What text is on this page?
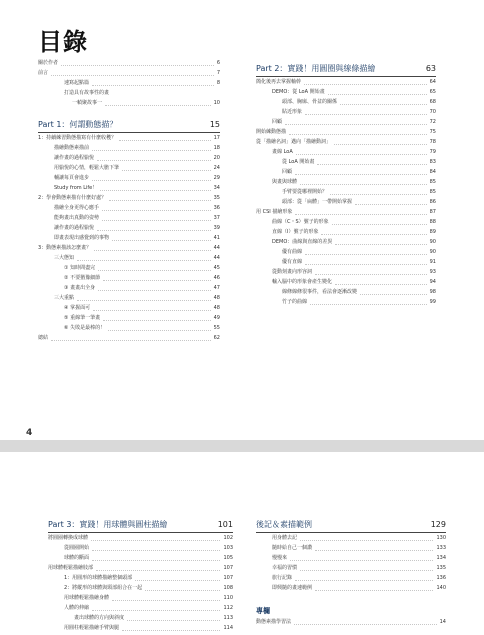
目錄
關於作者	6
前言	7
速寫起點篇	8
打造具有故事性的畫
一幀聚故事一	10
Part 1：何謂動態描？	15
1：持續練習動態描寫有什麼收穫？	17
描繪動態素描前	18
讓作畫的過程愉悅	20
用愉悅的心情，輕鬆大膽下筆	24
輔讓每頁會進步	29
Study from Life！	34
2：學會動態素描有什麼好處？	35
描繪全身更得心應手	36
能夠畫出真動的姿勢	37
讓作畫的過程愉悅	39
即畫表現出感覺到的事物	41
3：動態素描該怎麼畫？	44
三大態知	44
① 知時間盡完	45
② 不要猶豫細節	46
③ 畫畫出全身	47
三大重點	48
④ 掌握面可	48
⑤ 重線筆一筆畫	49
⑥ 失敗是最棒的！	55
總結	62
Part 2：實踐！用圓圈與線條描繪	63
簡化後再去掌握軸幹	64
DEMO：從 LoA 開始畫	65
頭部、胸廓、骨盆的關係	68
貼近形象	70
回顧	72
開始練動態描	75
從「描繪名詞」邁向「描繪動詞」	78
畫線 LoA	79
從 LoA 開始畫	83
回顧	84
與畫與球體	85
手臂要從哪裡開始？	85
頭部：從「扁體」一帶開始掌握	86
用 CSI 描繪形象	87
曲線（C・S）號子的形象	88
直線（I）號子的形象	89
DEMO：曲線與直線的差異	90
優有曲線	90
優有直線	91
從動刻畫向形容詞	93
輸入腦中的形象會產生變化	94
線條線條很事件，看法會逐漸改變	98
竹子的曲線	99
4
Part 3：實踐！用球體與圓柱描繪	101
將圓圈轉換成球體	102
從圓圈開始	103
球體的斷面	105
用球體輕鬆描繪肢部	107
1：用圓形的球體描繪整個頭部	107
2：將縱形的球體與頸部組合在一起	108
用球體輕鬆描繪身體	110
人體的伸縮	112
畫出球體的方向與斜度	113
用圓柱輕鬆描繪手臂與腿	114
後記＆素描範例	129
用身體去記	130
隨時給自己一個讚	133
慢慢來	134
幸福的習慣	135
旅行記錄	136
即興隨的畫速範例	140
專欄
動態素描學習法	14
